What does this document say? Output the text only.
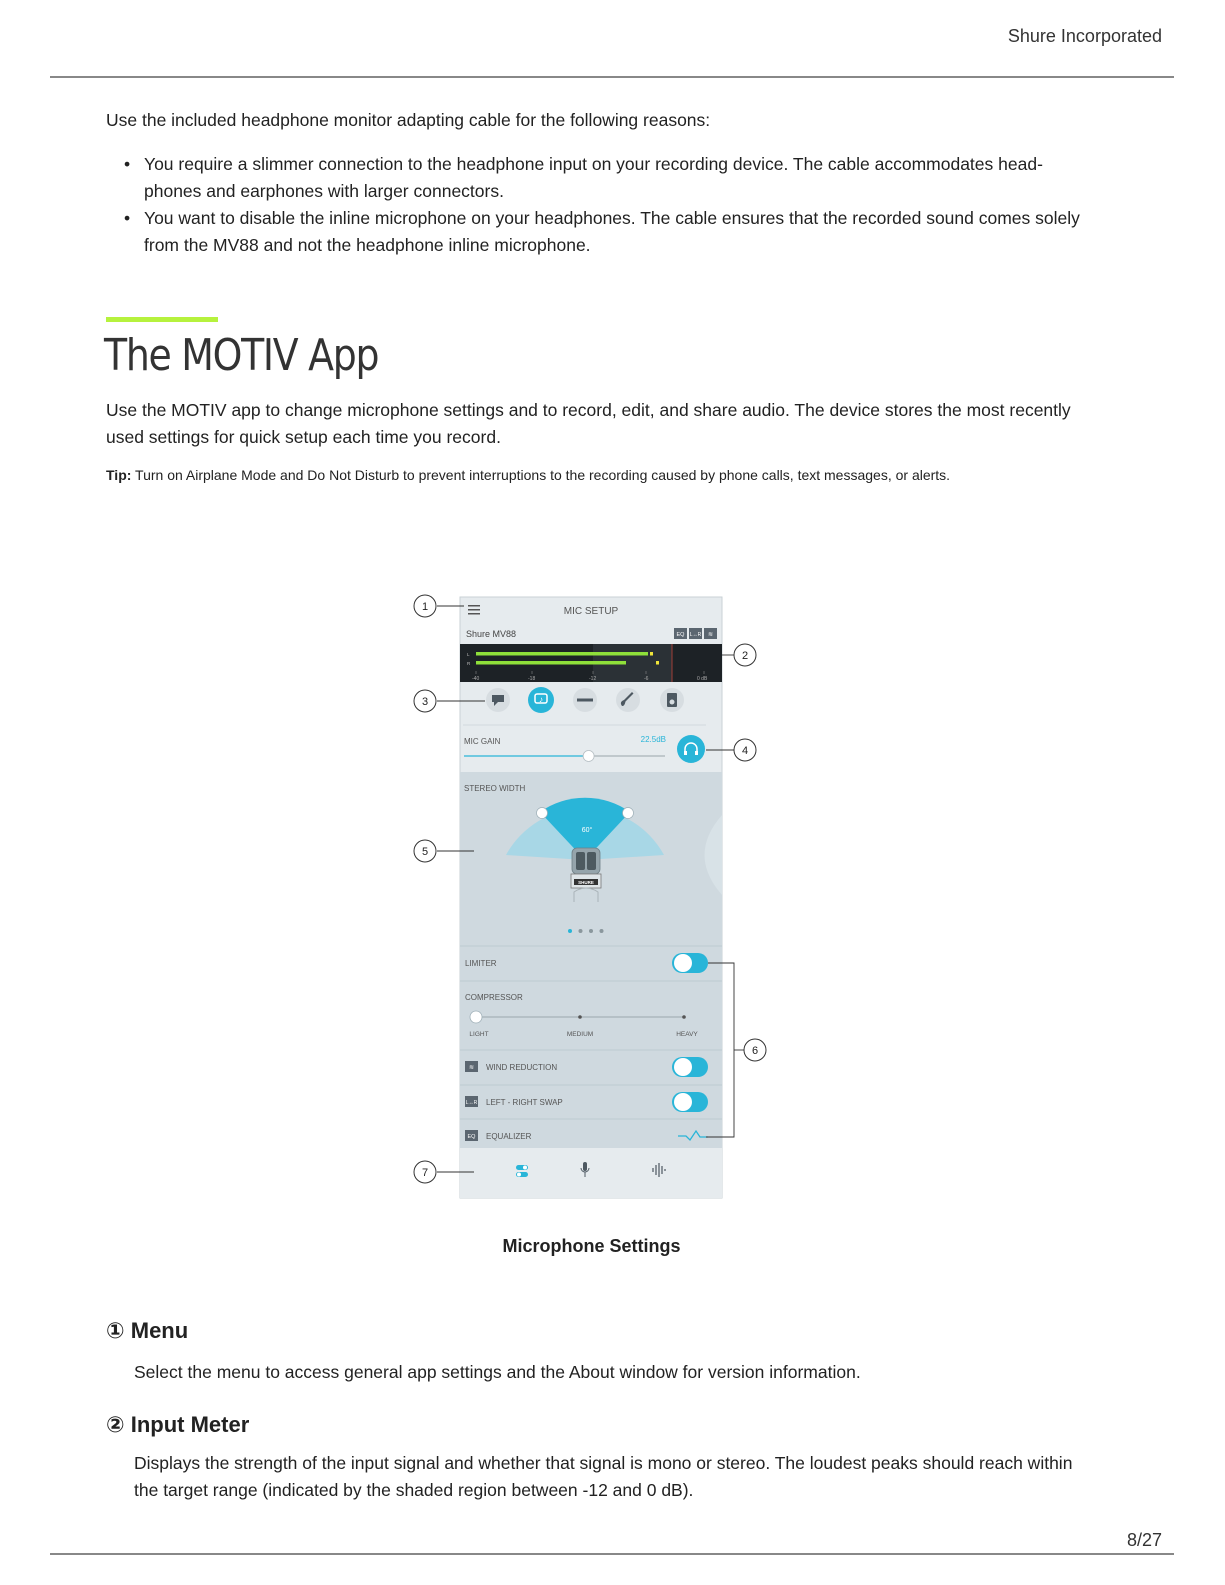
Shure Incorporated
Use the included headphone monitor adapting cable for the following reasons:
• You require a slimmer connection to the headphone input on your recording device. The cable accommodates head-
phones and earphones with larger connectors.
• You want to disable the inline microphone on your headphones. The cable ensures that the recorded sound comes solely
from the MV88 and not the headphone inline microphone.
The MOTIV App
Use the MOTIV app to change microphone settings and to record, edit, and share audio. The device stores the most recently
used settings for quick setup each time you record.
Tip: Turn on Airplane Mode and Do Not Disturb to prevent interruptions to the recording caused by phone calls, text messages, or alerts.
MIC SETUP
Shure MV88	EQ L↔R ≋
L
R
-40	-18	-12	-6	0 dB
♪
MIC GAIN	22.5dB
STEREO WIDTH
60°
SHURE
LIMITER
COMPRESSOR
LIGHT	MEDIUM	HEAVY
≋ WIND REDUCTION
L↔R LEFT - RIGHT SWAP
EQ EQUALIZER
1
2
3
4
5
6
7
Microphone Settings
① Menu
Select the menu to access general app settings and the About window for version information.
② Input Meter
Displays the strength of the input signal and whether that signal is mono or stereo. The loudest peaks should reach within
the target range (indicated by the shaded region between -12 and 0 dB).
8/27
